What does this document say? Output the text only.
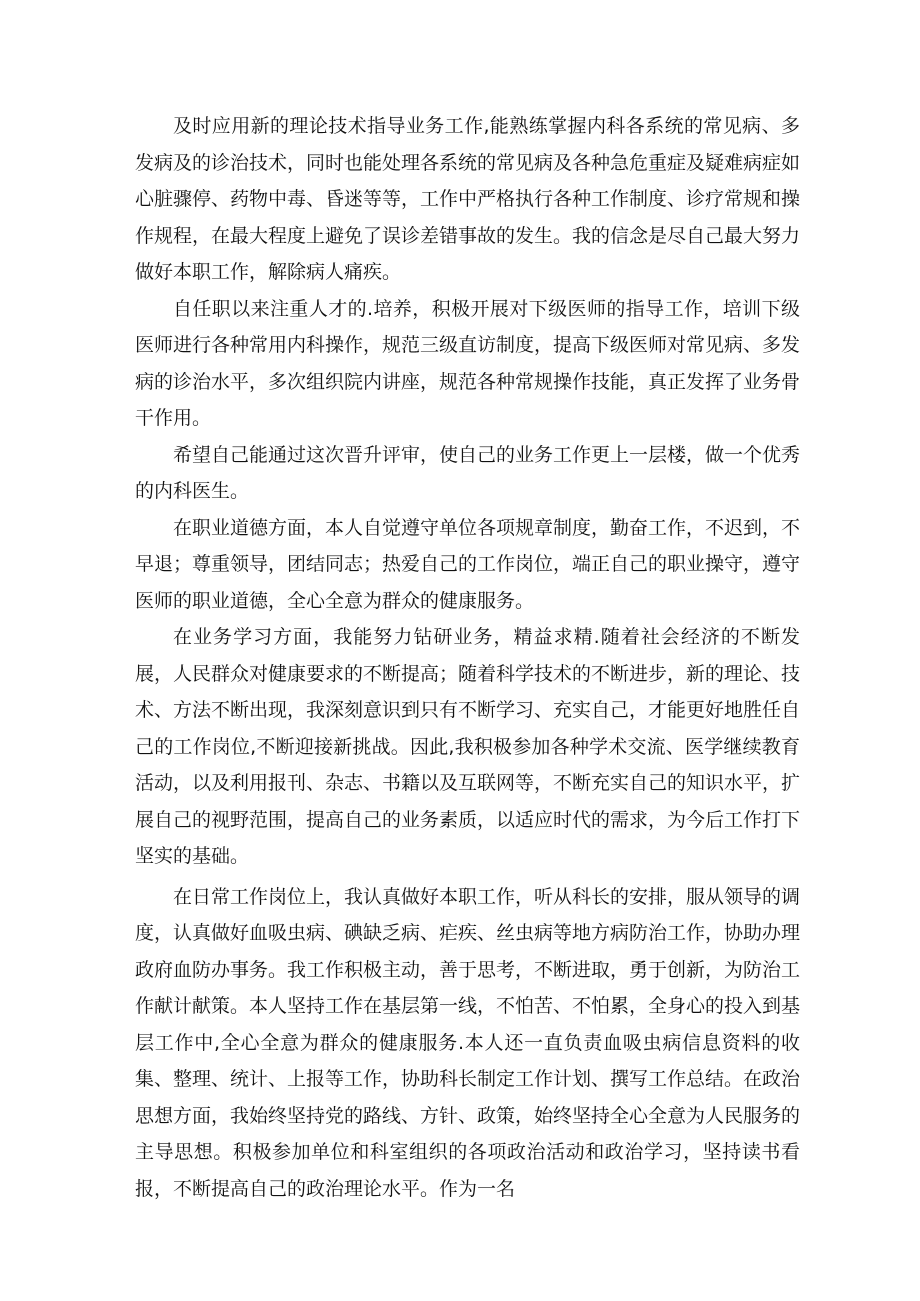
及时应用新的理论技术指导业务工作,能熟练掌握内科各系统的常见病、多发病及的诊治技术，同时也能处理各系统的常见病及各种急危重症及疑难病症如心脏骤停、药物中毒、昏迷等等，工作中严格执行各种工作制度、诊疗常规和操作规程，在最大程度上避免了误诊差错事故的发生。我的信念是尽自己最大努力做好本职工作，解除病人痛疾。

自任职以来注重人才的.培养，积极开展对下级医师的指导工作，培训下级医师进行各种常用内科操作，规范三级直访制度，提高下级医师对常见病、多发病的诊治水平，多次组织院内讲座，规范各种常规操作技能，真正发挥了业务骨干作用。

希望自己能通过这次晋升评审，使自己的业务工作更上一层楼，做一个优秀的内科医生。

在职业道德方面，本人自觉遵守单位各项规章制度，勤奋工作，不迟到，不早退；尊重领导，团结同志；热爱自己的工作岗位，端正自己的职业操守，遵守医师的职业道德，全心全意为群众的健康服务。

在业务学习方面，我能努力钻研业务，精益求精.随着社会经济的不断发展，人民群众对健康要求的不断提高；随着科学技术的不断进步，新的理论、技术、方法不断出现，我深刻意识到只有不断学习、充实自己，才能更好地胜任自己的工作岗位,不断迎接新挑战。因此,我积极参加各种学术交流、医学继续教育活动，以及利用报刊、杂志、书籍以及互联网等，不断充实自己的知识水平，扩展自己的视野范围，提高自己的业务素质，以适应时代的需求，为今后工作打下坚实的基础。

在日常工作岗位上，我认真做好本职工作，听从科长的安排，服从领导的调度，认真做好血吸虫病、碘缺乏病、疟疾、丝虫病等地方病防治工作，协助办理政府血防办事务。我工作积极主动，善于思考，不断进取，勇于创新，为防治工作献计献策。本人坚持工作在基层第一线，不怕苦、不怕累，全身心的投入到基层工作中,全心全意为群众的健康服务.本人还一直负责血吸虫病信息资料的收集、整理、统计、上报等工作，协助科长制定工作计划、撰写工作总结。在政治思想方面，我始终坚持党的路线、方针、政策，始终坚持全心全意为人民服务的主导思想。积极参加单位和科室组织的各项政治活动和政治学习，坚持读书看报，不断提高自己的政治理论水平。作为一名
